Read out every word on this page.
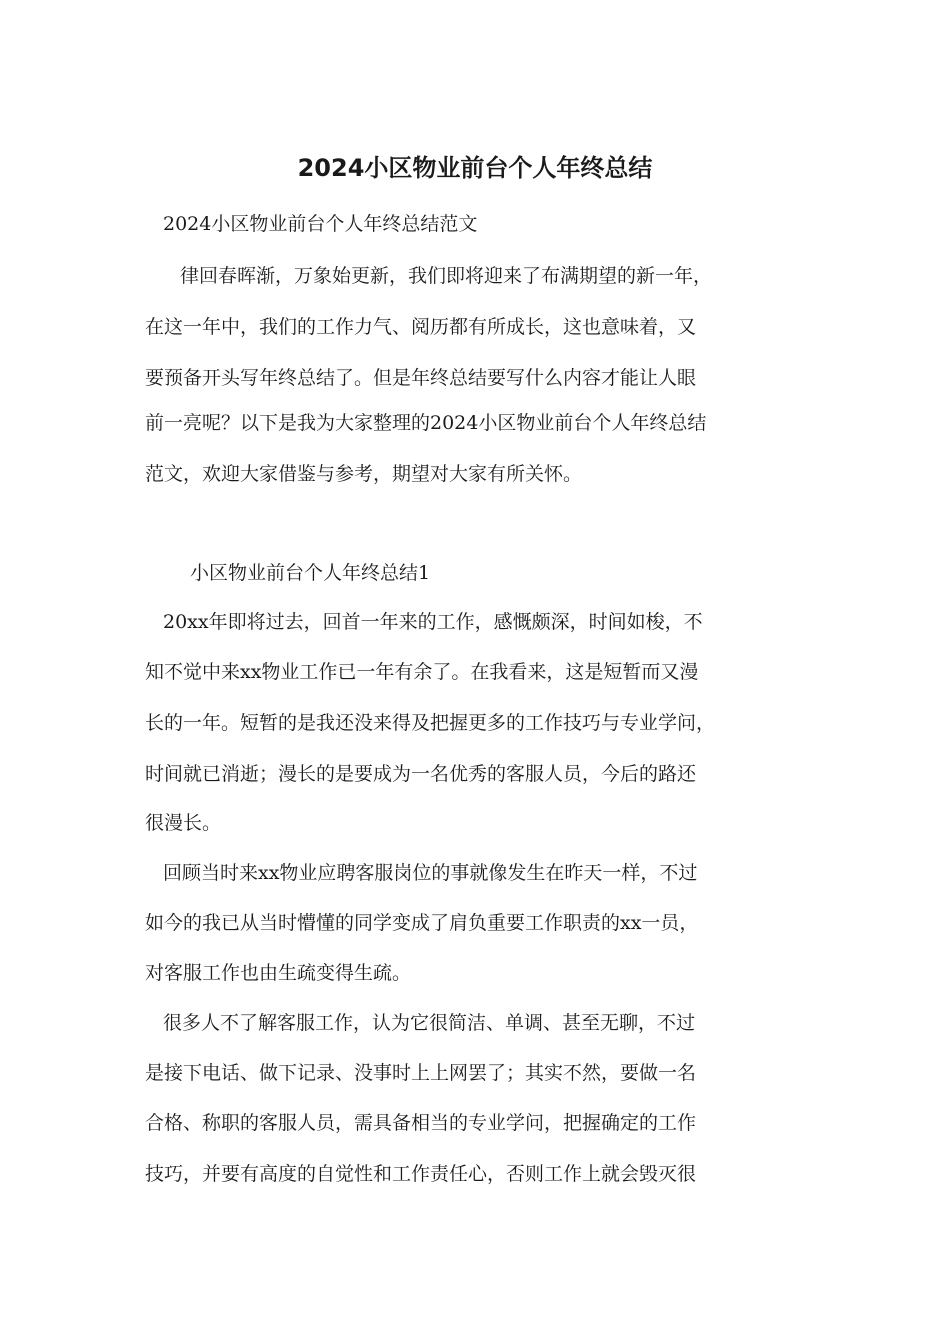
2024小区物业前台个人年终总结

2024小区物业前台个人年终总结范文

律回春晖渐，万象始更新，我们即将迎来了布满期望的新一年，

在这一年中，我们的工作力气、阅历都有所成长，这也意味着，又

要预备开头写年终总结了。但是年终总结要写什么内容才能让人眼

前一亮呢？以下是我为大家整理的2024小区物业前台个人年终总结

范文，欢迎大家借鉴与参考，期望对大家有所关怀。

小区物业前台个人年终总结1

20xx年即将过去，回首一年来的工作，感慨颇深，时间如梭，不

知不觉中来xx物业工作已一年有余了。在我看来，这是短暂而又漫

长的一年。短暂的是我还没来得及把握更多的工作技巧与专业学问，

时间就已消逝；漫长的是要成为一名优秀的客服人员，今后的路还

很漫长。

回顾当时来xx物业应聘客服岗位的事就像发生在昨天一样，不过

如今的我已从当时懵懂的同学变成了肩负重要工作职责的xx一员，

对客服工作也由生疏变得生疏。

很多人不了解客服工作，认为它很简洁、单调、甚至无聊，不过

是接下电话、做下记录、没事时上上网罢了；其实不然，要做一名

合格、称职的客服人员，需具备相当的专业学问，把握确定的工作

技巧，并要有高度的自觉性和工作责任心，否则工作上就会毁灭很
